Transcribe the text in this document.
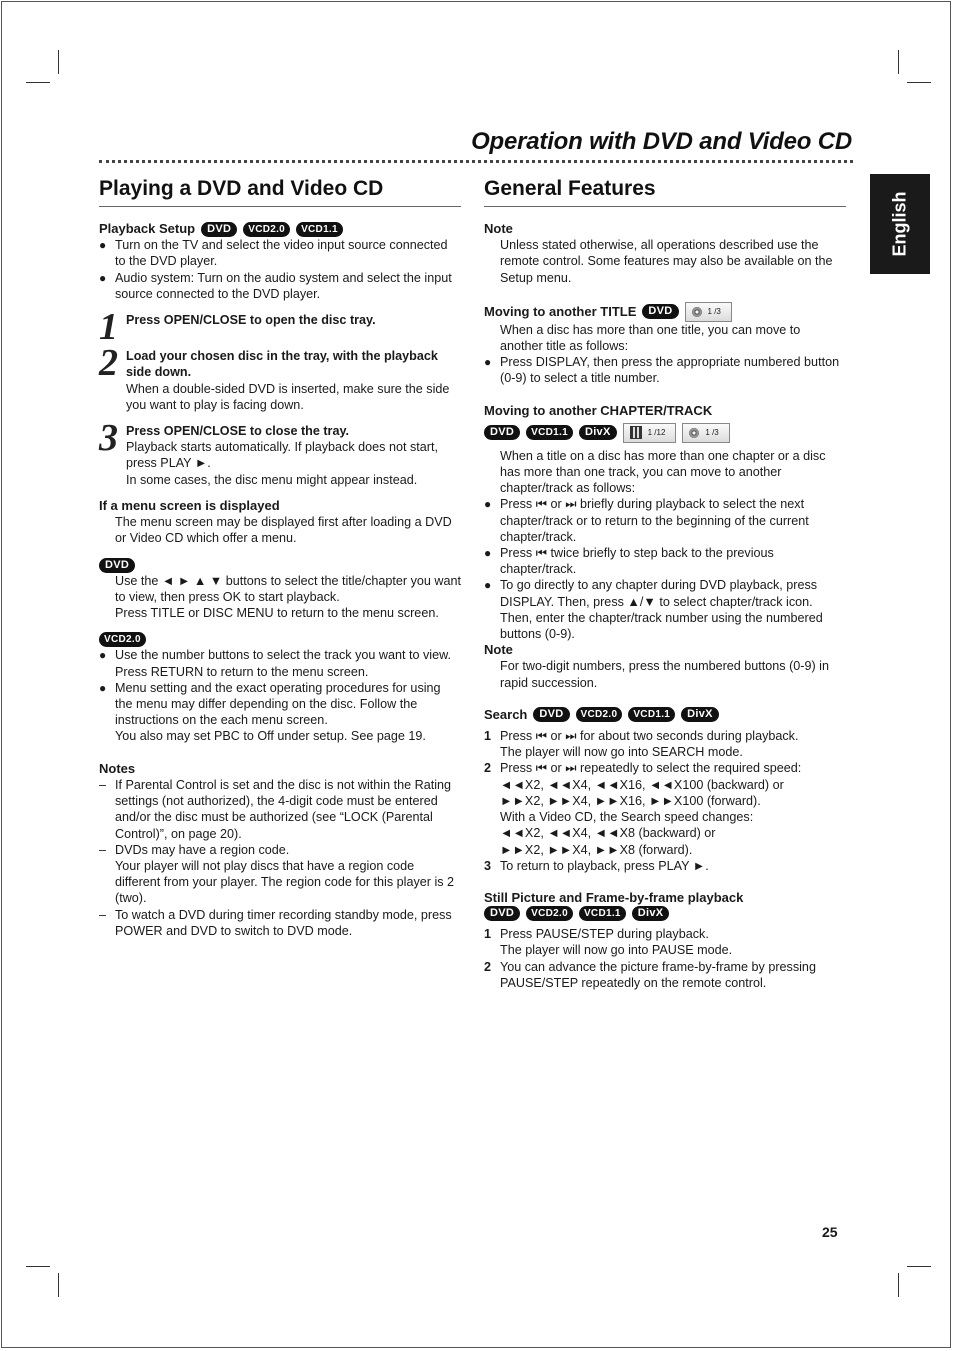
Operation with DVD and Video CD
English
Playing a DVD and Video CD
Playback Setup	DVD	VCD2.0	VCD1.1
● Turn on the TV and select the video input source connected to the DVD player.
● Audio system: Turn on the audio system and select the input source connected to the DVD player.
1 Press OPEN/CLOSE to open the disc tray.
2 Load your chosen disc in the tray, with the playback side down.
When a double-sided DVD is inserted, make sure the side you want to play is facing down.
3 Press OPEN/CLOSE to close the tray.
Playback starts automatically. If playback does not start, press PLAY ►.
In some cases, the disc menu might appear instead.
If a menu screen is displayed
The menu screen may be displayed first after loading a DVD or Video CD which offer a menu.
DVD
Use the ◄ ► ▲ ▼ buttons to select the title/chapter you want to view, then press OK to start playback.
Press TITLE or DISC MENU to return to the menu screen.
VCD2.0
● Use the number buttons to select the track you want to view.
Press RETURN to return to the menu screen.
● Menu setting and the exact operating procedures for using the menu may differ depending on the disc. Follow the instructions on the each menu screen.
You also may set PBC to Off under setup. See page 19.
Notes
– If Parental Control is set and the disc is not within the Rating settings (not authorized), the 4-digit code must be entered and/or the disc must be authorized (see “LOCK (Parental Control)”, on page 20).
– DVDs may have a region code.
Your player will not play discs that have a region code different from your player. The region code for this player is 2 (two).
– To watch a DVD during timer recording standby mode, press POWER and DVD to switch to DVD mode.
General Features
Note
Unless stated otherwise, all operations described use the remote control. Some features may also be available on the Setup menu.
Moving to another TITLE	DVD	1 /3
When a disc has more than one title, you can move to another title as follows:
● Press DISPLAY, then press the appropriate numbered button (0-9) to select a title number.
Moving to another CHAPTER/TRACK
DVD	VCD1.1	DivX	1 /12	1 /3
When a title on a disc has more than one chapter or a disc has more than one track, you can move to another chapter/track as follows:
● Press ⏮ or ⏭ briefly during playback to select the next chapter/track or to return to the beginning of the current chapter/track.
● Press ⏮ twice briefly to step back to the previous chapter/track.
● To go directly to any chapter during DVD playback, press DISPLAY. Then, press ▲/▼ to select chapter/track icon. Then, enter the chapter/track number using the numbered buttons (0-9).
Note
For two-digit numbers, press the numbered buttons (0-9) in rapid succession.
Search	DVD	VCD2.0	VCD1.1	DivX
1 Press ⏮ or ⏭ for about two seconds during playback.
The player will now go into SEARCH mode.
2 Press ⏮ or ⏭ repeatedly to select the required speed:
◄◄X2, ◄◄X4, ◄◄X16, ◄◄X100 (backward) or
►►X2, ►►X4, ►►X16, ►►X100 (forward).
With a Video CD, the Search speed changes:
◄◄X2, ◄◄X4, ◄◄X8 (backward) or
►►X2, ►►X4, ►►X8 (forward).
3 To return to playback, press PLAY ►.
Still Picture and Frame-by-frame playback
DVD	VCD2.0	VCD1.1	DivX
1 Press PAUSE/STEP during playback.
The player will now go into PAUSE mode.
2 You can advance the picture frame-by-frame by pressing PAUSE/STEP repeatedly on the remote control.
25
